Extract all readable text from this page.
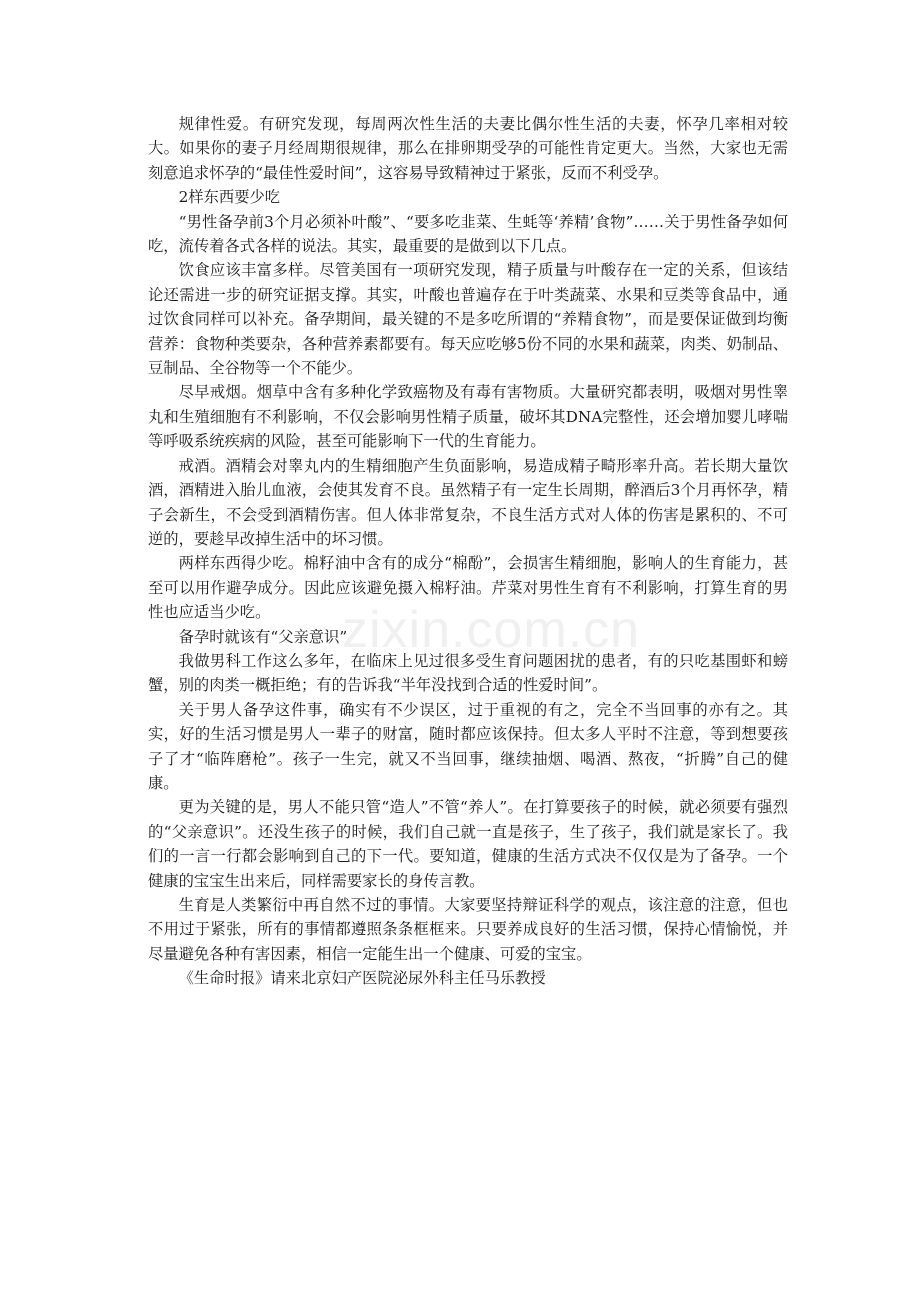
规律性爱。有研究发现，每周两次性生活的夫妻比偶尔性生活的夫妻，怀孕几率相对较大。如果你的妻子月经周期很规律，那么在排卵期受孕的可能性肯定更大。当然，大家也无需刻意追求怀孕的“最佳性爱时间”，这容易导致精神过于紧张，反而不利受孕。

2样东西要少吃

“男性备孕前3个月必须补叶酸”、“要多吃韭菜、生蚝等‘养精’食物”……关于男性备孕如何吃，流传着各式各样的说法。其实，最重要的是做到以下几点。

饮食应该丰富多样。尽管美国有一项研究发现，精子质量与叶酸存在一定的关系，但该结论还需进一步的研究证据支撑。其实，叶酸也普遍存在于叶类蔬菜、水果和豆类等食品中，通过饮食同样可以补充。备孕期间，最关键的不是多吃所谓的“养精食物”，而是要保证做到均衡营养：食物种类要杂，各种营养素都要有。每天应吃够5份不同的水果和蔬菜，肉类、奶制品、豆制品、全谷物等一个不能少。

尽早戒烟。烟草中含有多种化学致癌物及有毒有害物质。大量研究都表明，吸烟对男性睾丸和生殖细胞有不利影响，不仅会影响男性精子质量，破坏其DNA完整性，还会增加婴儿哮喘等呼吸系统疾病的风险，甚至可能影响下一代的生育能力。

戒酒。酒精会对睾丸内的生精细胞产生负面影响，易造成精子畸形率升高。若长期大量饮酒，酒精进入胎儿血液，会使其发育不良。虽然精子有一定生长周期，醉酒后3个月再怀孕，精子会新生，不会受到酒精伤害。但人体非常复杂，不良生活方式对人体的伤害是累积的、不可逆的，要趁早改掉生活中的坏习惯。

两样东西得少吃。棉籽油中含有的成分“棉酚”，会损害生精细胞，影响人的生育能力，甚至可以用作避孕成分。因此应该避免摄入棉籽油。芹菜对男性生育有不利影响，打算生育的男性也应适当少吃。

备孕时就该有“父亲意识”

我做男科工作这么多年，在临床上见过很多受生育问题困扰的患者，有的只吃基围虾和螃蟹，别的肉类一概拒绝；有的告诉我“半年没找到合适的性爱时间”。

关于男人备孕这件事，确实有不少误区，过于重视的有之，完全不当回事的亦有之。其实，好的生活习惯是男人一辈子的财富，随时都应该保持。但太多人平时不注意，等到想要孩子了才“临阵磨枪”。孩子一生完，就又不当回事，继续抽烟、喝酒、熬夜，“折腾”自己的健康。

更为关键的是，男人不能只管“造人”不管“养人”。在打算要孩子的时候，就必须要有强烈的“父亲意识”。还没生孩子的时候，我们自己就一直是孩子，生了孩子，我们就是家长了。我们的一言一行都会影响到自己的下一代。要知道，健康的生活方式决不仅仅是为了备孕。一个健康的宝宝生出来后，同样需要家长的身传言教。

生育是人类繁衍中再自然不过的事情。大家要坚持辩证科学的观点，该注意的注意，但也不用过于紧张，所有的事情都遵照条条框框来。只要养成良好的生活习惯，保持心情愉悦，并尽量避免各种有害因素，相信一定能生出一个健康、可爱的宝宝。

《生命时报》请来北京妇产医院泌尿外科主任马乐教授

zixin.com.cn
